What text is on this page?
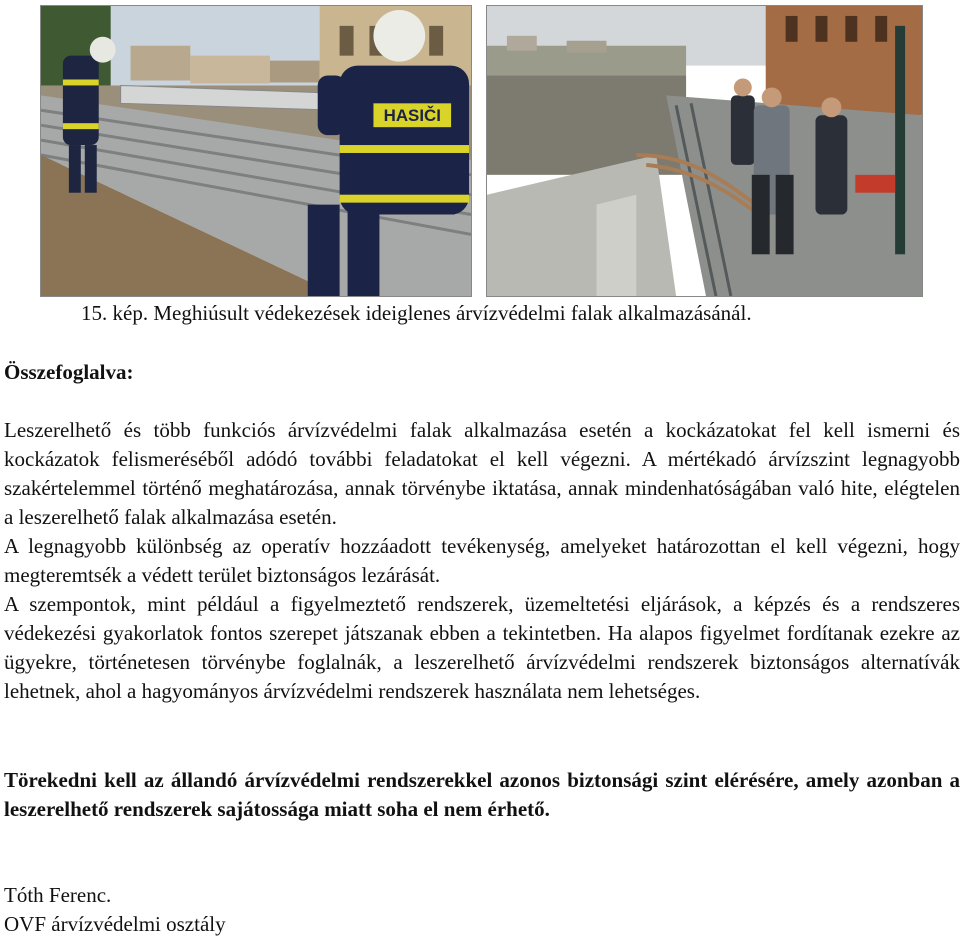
HASIČI
15. kép. Meghiúsult védekezések ideiglenes árvízvédelmi falak alkalmazásánál.
Összefoglalva:

Leszerelhető és több funkciós árvízvédelmi falak alkalmazása esetén a kockázatokat fel kell ismerni és kockázatok felismeréséből adódó további feladatokat el kell végezni. A mértékadó árvízszint legnagyobb szakértelemmel történő meghatározása, annak törvénybe iktatása, annak mindenhatóságában való hite, elégtelen a leszerelhető falak alkalmazása esetén.

A legnagyobb különbség az operatív hozzáadott tevékenység, amelyeket határozottan el kell végezni, hogy megteremtsék a védett terület biztonságos lezárását.

A szempontok, mint például a figyelmeztető rendszerek, üzemeltetési eljárások, a képzés és a rendszeres védekezési gyakorlatok fontos szerepet játszanak ebben a tekintetben. Ha alapos figyelmet fordítanak ezekre az ügyekre, történetesen törvénybe foglalnák, a leszerelhető árvízvédelmi rendszerek biztonságos alternatívák lehetnek, ahol a hagyományos árvízvédelmi rendszerek használata nem lehetséges.

Törekedni kell az állandó árvízvédelmi rendszerekkel azonos biztonsági szint elérésére, amely azonban a leszerelhető rendszerek sajátossága miatt soha el nem érhető.
Tóth Ferenc.
OVF árvízvédelmi osztály
